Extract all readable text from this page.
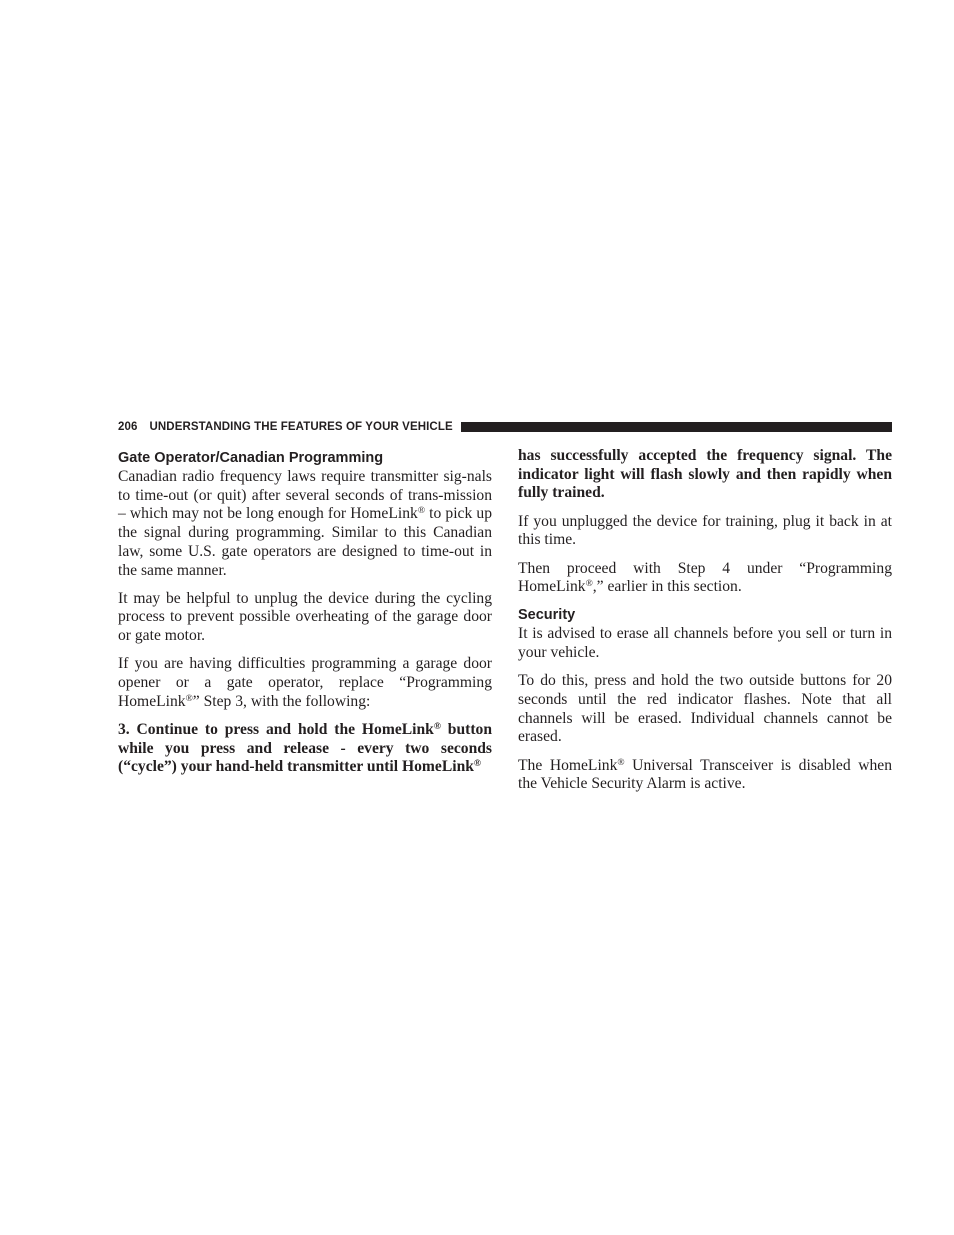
206 UNDERSTANDING THE FEATURES OF YOUR VEHICLE
Gate Operator/Canadian Programming

Canadian radio frequency laws require transmitter sig-nals to time-out (or quit) after several seconds of trans-mission – which may not be long enough for HomeLink® to pick up the signal during programming. Similar to this Canadian law, some U.S. gate operators are designed to time-out in the same manner.

It may be helpful to unplug the device during the cycling process to prevent possible overheating of the garage door or gate motor.

If you are having difficulties programming a garage door opener or a gate operator, replace “Programming HomeLink®” Step 3, with the following:

3. Continue to press and hold the HomeLink® button while you press and release - every two seconds (“cycle”) your hand-held transmitter until HomeLink®

has successfully accepted the frequency signal. The indicator light will flash slowly and then rapidly when fully trained.

If you unplugged the device for training, plug it back in at this time.

Then proceed with Step 4 under “Programming HomeLink®,” earlier in this section.

Security

It is advised to erase all channels before you sell or turn in your vehicle.

To do this, press and hold the two outside buttons for 20 seconds until the red indicator flashes. Note that all channels will be erased. Individual channels cannot be erased.

The HomeLink® Universal Transceiver is disabled when the Vehicle Security Alarm is active.
